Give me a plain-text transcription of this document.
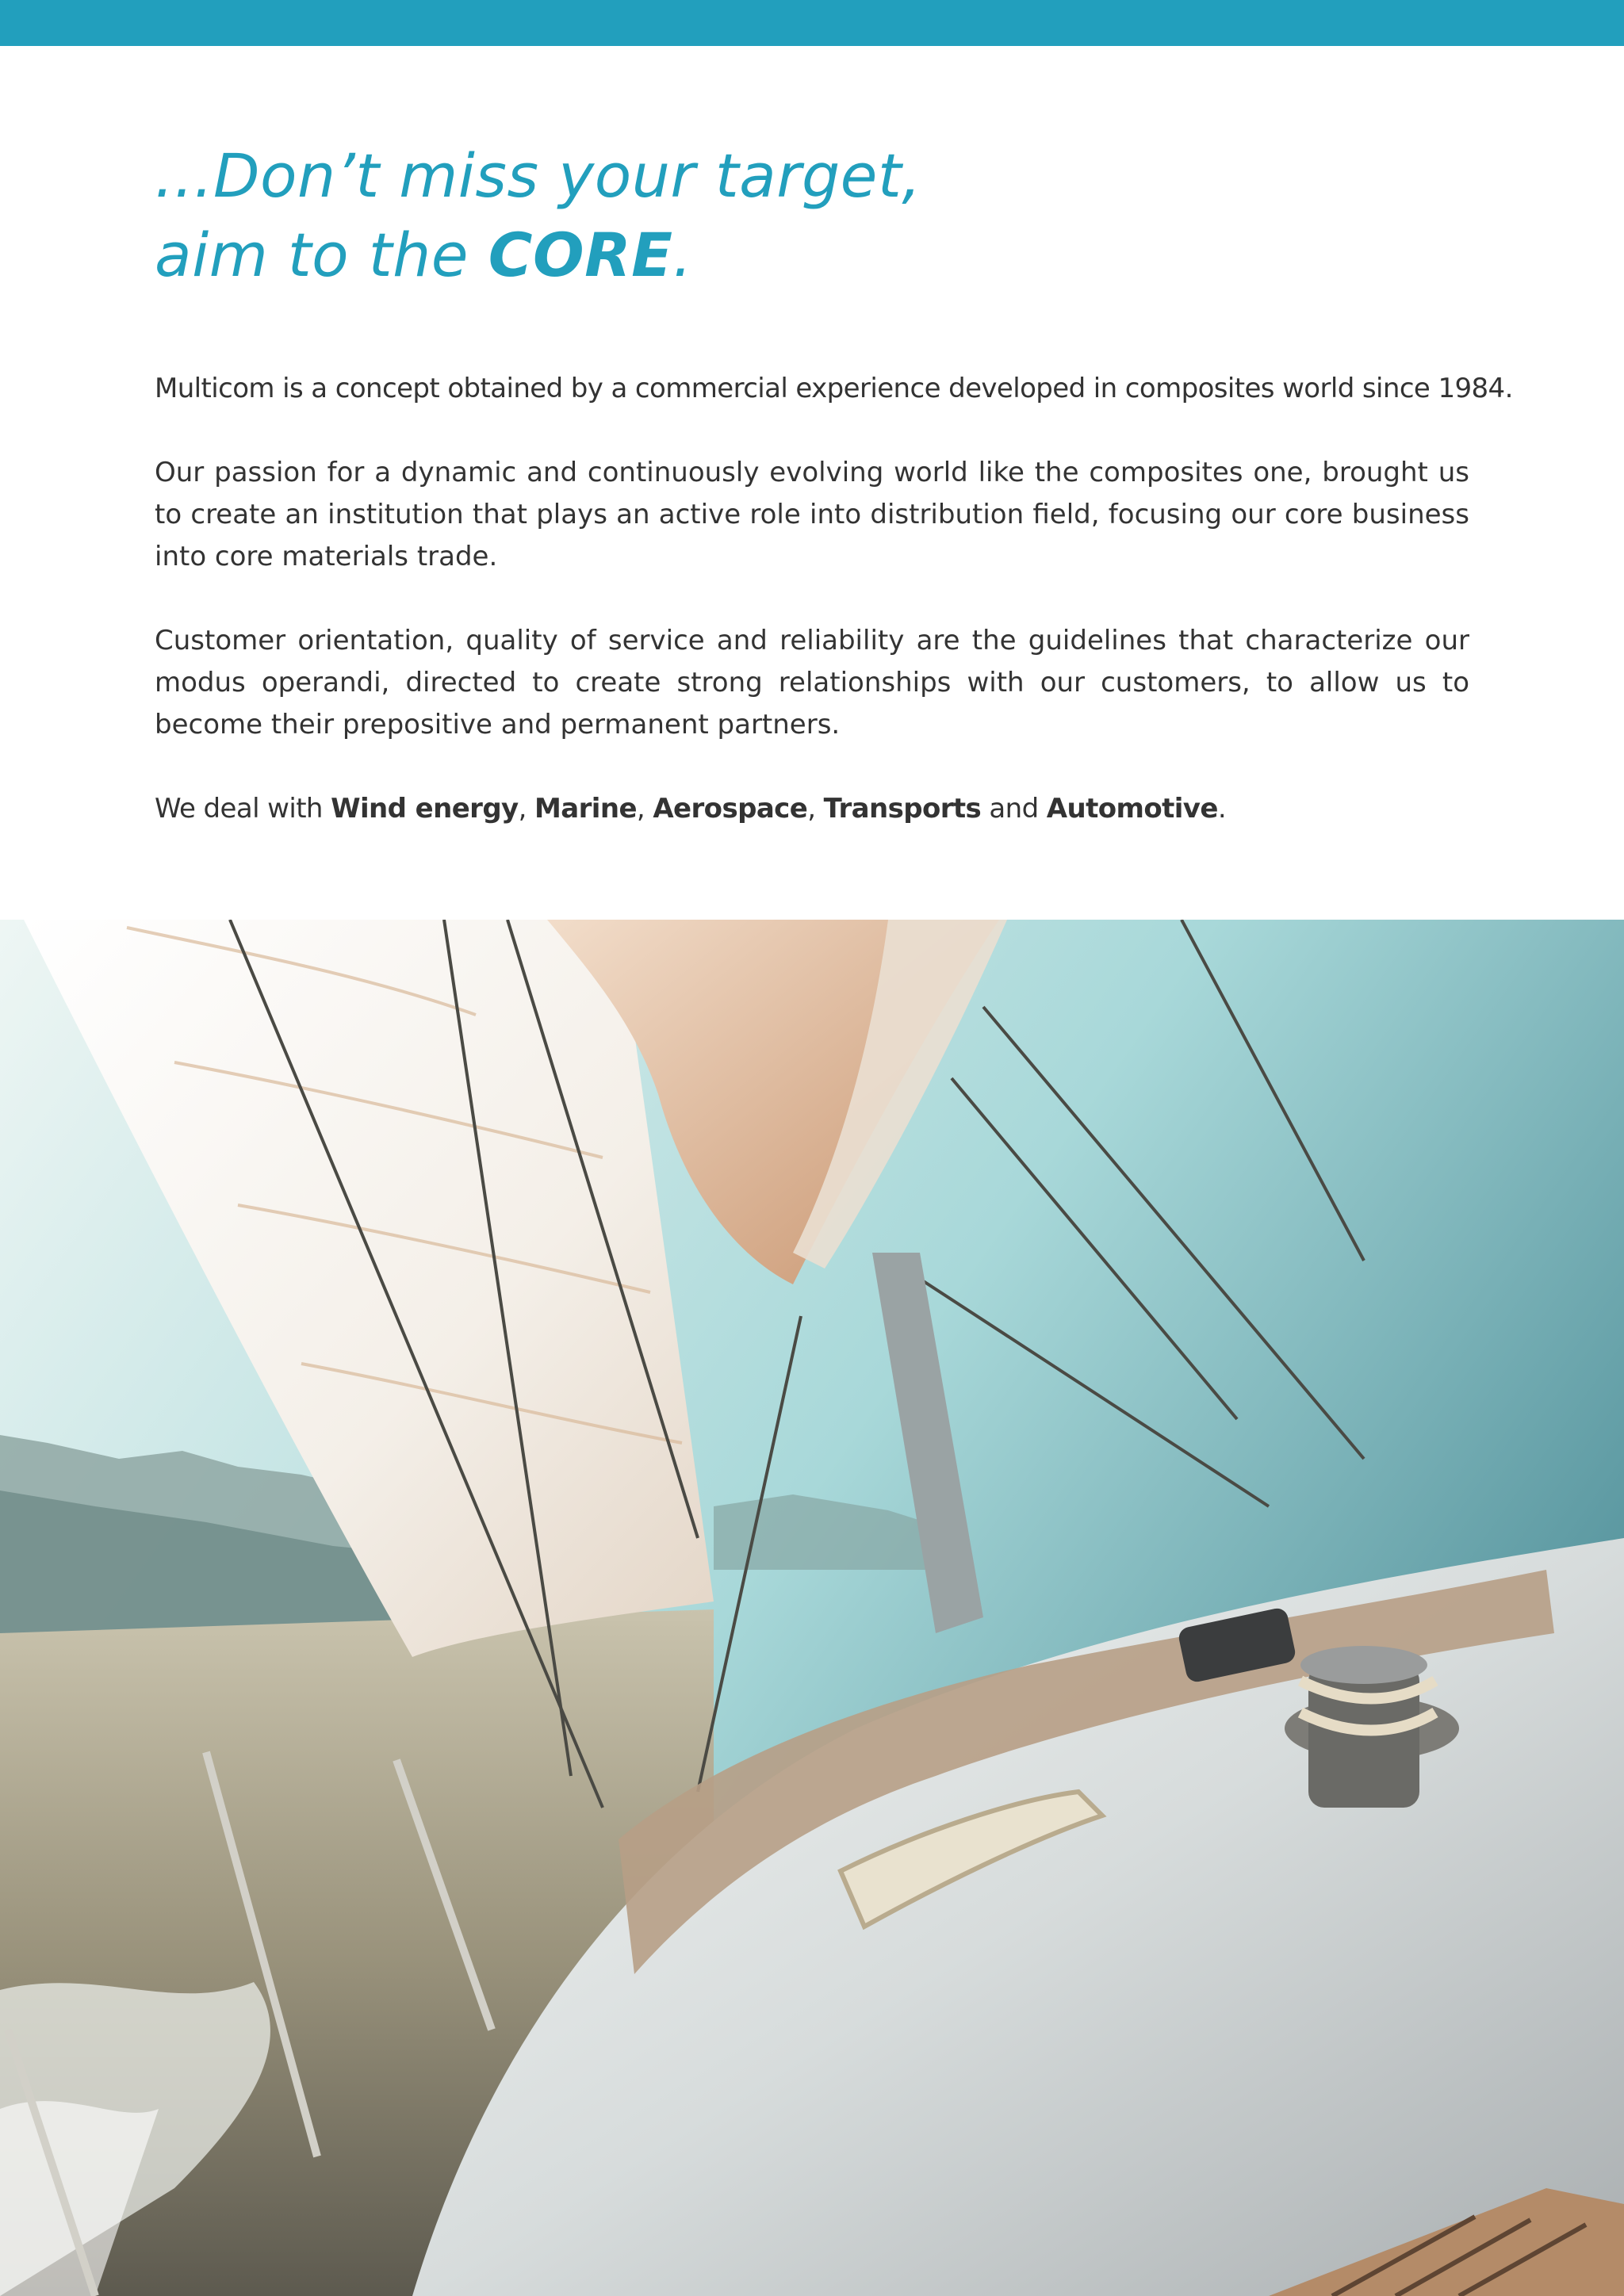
...Don’t miss your target,
aim to the CORE.

Multicom is a concept obtained by a commercial experience developed in composites world since 1984.

Our passion for a dynamic and continuously evolving world like the composites one, brought us to create an institution that plays an active role into distribution field, focusing our core business into core materials trade.

Customer orientation, quality of service and reliability are the guidelines that characterize our modus operandi, directed to create strong relationships with our customers, to allow us to become their prepositive and permanent partners.

We deal with Wind energy, Marine, Aerospace, Transports and Automotive.
